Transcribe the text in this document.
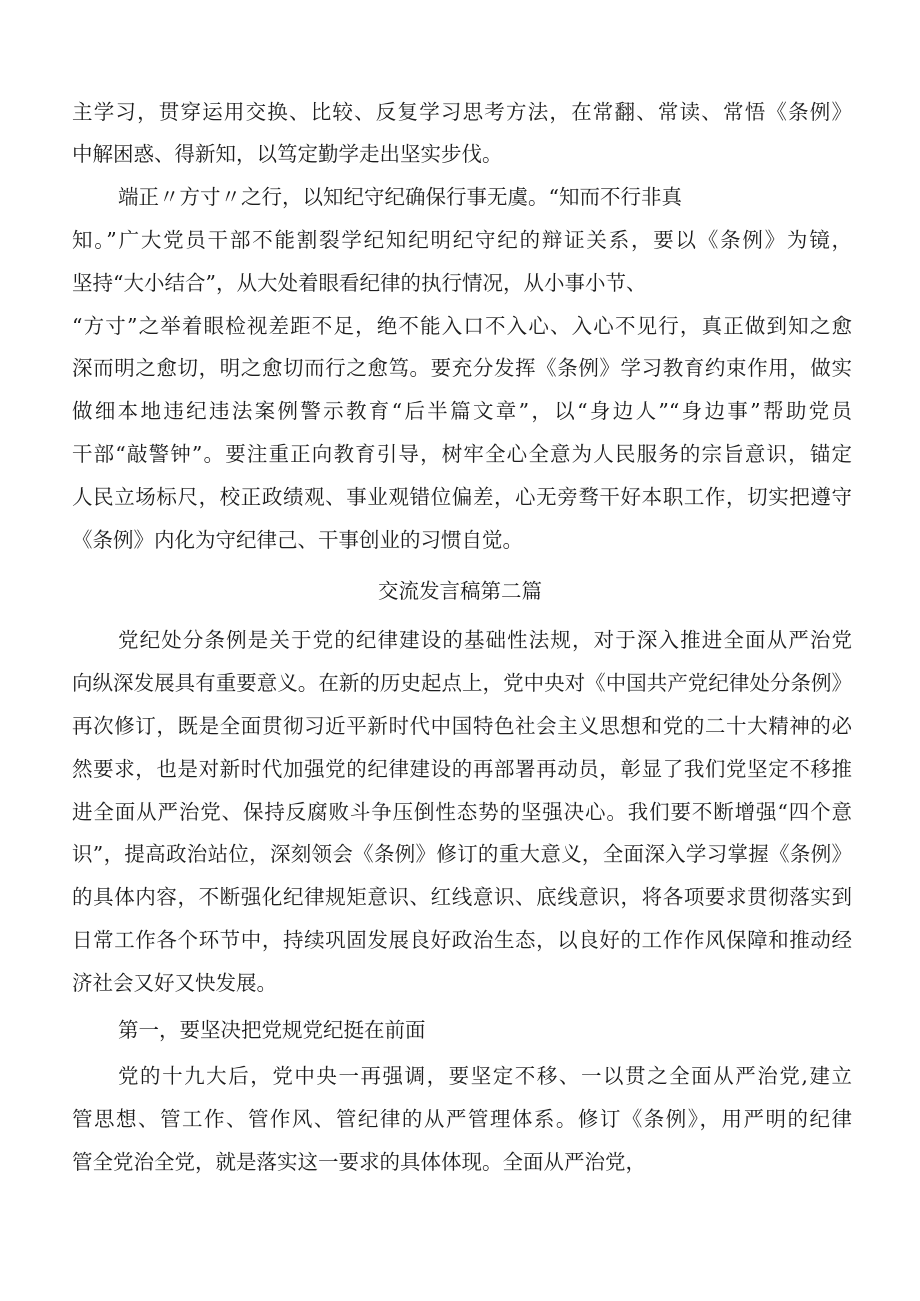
主学习，贯穿运用交换、比较、反复学习思考方法，在常翻、常读、常悟《条例》
中解困惑、得新知，以笃定勤学走出坚实步伐。
端正〃方寸〃之行，以知纪守纪确保行事无虞。“知而不行非真
知。”广大党员干部不能割裂学纪知纪明纪守纪的辩证关系，要以《条例》为镜，
坚持“大小结合”，从大处着眼看纪律的执行情况，从小事小节、
“方寸”之举着眼检视差距不足，绝不能入口不入心、入心不见行，真正做到知之愈
深而明之愈切，明之愈切而行之愈笃。要充分发挥《条例》学习教育约束作用，做实
做细本地违纪违法案例警示教育“后半篇文章”，以“身边人”“身边事”帮助党员
干部“敲警钟”。要注重正向教育引导，树牢全心全意为人民服务的宗旨意识，锚定
人民立场标尺，校正政绩观、事业观错位偏差，心无旁骛干好本职工作，切实把遵守
《条例》内化为守纪律己、干事创业的习惯自觉。
交流发言稿第二篇
党纪处分条例是关于党的纪律建设的基础性法规，对于深入推进全面从严治党
向纵深发展具有重要意义。在新的历史起点上，党中央对《中国共产党纪律处分条例》
再次修订，既是全面贯彻习近平新时代中国特色社会主义思想和党的二十大精神的必
然要求，也是对新时代加强党的纪律建设的再部署再动员，彰显了我们党坚定不移推
进全面从严治党、保持反腐败斗争压倒性态势的坚强决心。我们要不断增强“四个意
识”，提高政治站位，深刻领会《条例》修订的重大意义，全面深入学习掌握《条例》
的具体内容，不断强化纪律规矩意识、红线意识、底线意识，将各项要求贯彻落实到
日常工作各个环节中，持续巩固发展良好政治生态，以良好的工作作风保障和推动经
济社会又好又快发展。
第一，要坚决把党规党纪挺在前面
党的十九大后，党中央一再强调，要坚定不移、一以贯之全面从严治党,建立
管思想、管工作、管作风、管纪律的从严管理体系。修订《条例》，用严明的纪律
管全党治全党，就是落实这一要求的具体体现。全面从严治党，
